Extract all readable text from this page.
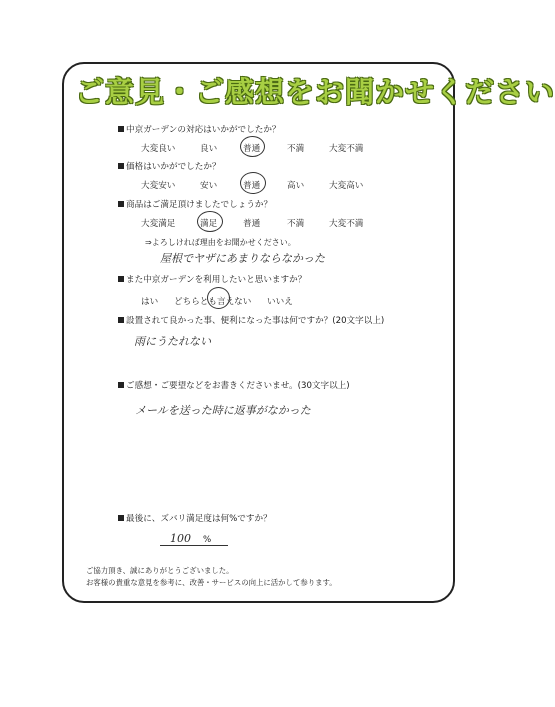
ご意見・ご感想をお聞かせください
中京ガーデンの対応はいかがでしたか？
大変良い	良い	普通	不満	大変不満
価格はいかがでしたか？
大変安い	安い	普通	高い	大変高い
商品はご満足頂けましたでしょうか？
大変満足	満足	普通	不満	大変不満
⇒よろしければ理由をお聞かせください。
屋根でヤザにあまりならなかった
また中京ガーデンを利用したいと思いますか？
はい どちらとも言えない いいえ
設置されて良かった事、便利になった事は何ですか？(20文字以上)
雨にうたれない
ご感想・ご要望などをお書きくださいませ。(30文字以上)
メールを送った時に返事がなかった
最後に、ズバリ満足度は何%ですか？
100 %
ご協力頂き、誠にありがとうございました。
お客様の貴重な意見を参考に、改善・サービスの向上に活かして参ります。
